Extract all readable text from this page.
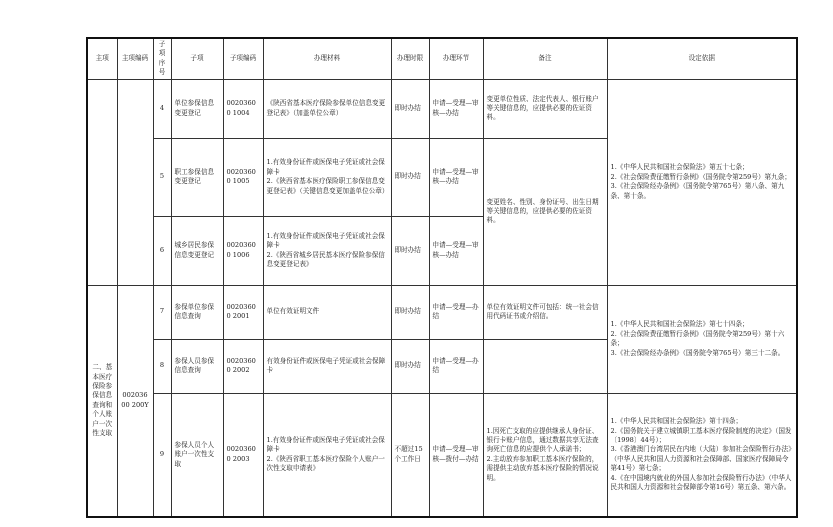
主项	主项编码	子项序号	子项	子项编码	办理材料	办理时限	办理环节	备注	设定依据
		4	单位参保信息变更登记	00203600 1004	《陕西省基本医疗保险参保单位信息变更登记表》（加盖单位公章）	即时办结	申请—受理—审核—办结	变更单位性质、法定代表人、银行账户等关键信息的，应提供必要的佐证资料。	1.《中华人民共和国社会保险法》第五十七条；
2.《社会保险费征缴暂行条例》（国务院令第259号）第九条；
3.《社会保险经办条例》（国务院令第765号）第八条、第九条、第十条。
		5	职工参保信息变更登记	00203600 1005	1.有效身份证件或医保电子凭证或社会保障卡
2.《陕西省基本医疗保险职工参保信息变更登记表》（关键信息变更加盖单位公章）	即时办结	申请—受理—审核—办结	变更姓名、性别、身份证号、出生日期等关键信息的，应提供必要的佐证资料。	
		6	城乡居民参保信息变更登记	00203600 1006	1.有效身份证件或医保电子凭证或社会保障卡
2.《陕西省城乡居民基本医疗保险参保信息变更登记表》	即时办结	申请—受理—审核—办结		
二、基本医疗保险参保信息查询和个人账户一次性支取	00203600 200Y	7	参保单位参保信息查询	00203600 2001	单位有效证明文件	即时办结	申请—受理—办结	单位有效证明文件可包括：统一社会信用代码证书或介绍信。	1.《中华人民共和国社会保险法》第七十四条；
2.《社会保险费征缴暂行条例》（国务院令第259号）第十六条；
3.《社会保险经办条例》（国务院令第765号）第三十二条。
		8	参保人员参保信息查询	00203600 2002	有效身份证件或医保电子凭证或社会保障卡	即时办结	申请—受理—办结		
		9	参保人员个人账户一次性支取	00203600 2003	1.有效身份证件或医保电子凭证或社会保障卡
2.《陕西省职工基本医疗保险个人账户一次性支取申请表》	不超过15个工作日	申请—受理—审核—拨付—办结	1.因死亡支取的应提供继承人身份证、银行卡账户信息，通过数据共享无法查询死亡信息的应提供个人承诺书；
2.主动放弃参加职工基本医疗保险的，需提供主动放弃基本医疗保险的情况说明。	1.《中华人民共和国社会保险法》第十四条；
2.《国务院关于建立城镇职工基本医疗保险制度的决定》（国发〔1998〕44号）；
3.《香港澳门台湾居民在内地（大陆）参加社会保险暂行办法》（中华人民共和国人力资源和社会保障部、国家医疗保障局令第41号）第七条；
4.《在中国境内就业的外国人参加社会保险暂行办法》（中华人民共和国人力资源和社会保障部令第16号）第五条、第六条。
